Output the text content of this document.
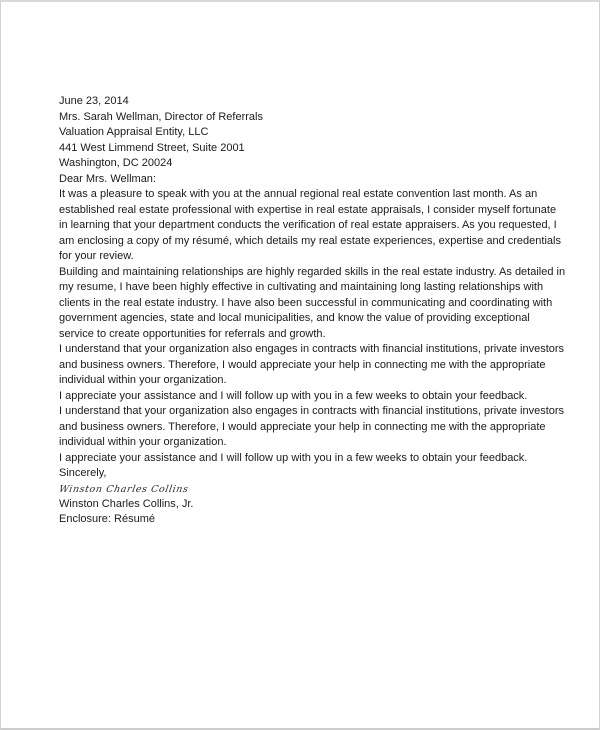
June 23, 2014
Mrs. Sarah Wellman, Director of Referrals
Valuation Appraisal Entity, LLC
441 West Limmend Street, Suite 2001
Washington, DC 20024
Dear Mrs. Wellman:

It was a pleasure to speak with you at the annual regional real estate convention last month. As an established real estate professional with expertise in real estate appraisals, I consider myself fortunate in learning that your department conducts the verification of real estate appraisers. As you requested, I am enclosing a copy of my résumé, which details my real estate experiences, expertise and credentials for your review.

Building and maintaining relationships are highly regarded skills in the real estate industry. As detailed in my resume, I have been highly effective in cultivating and maintaining long lasting relationships with clients in the real estate industry. I have also been successful in communicating and coordinating with government agencies, state and local municipalities, and know the value of providing exceptional service to create opportunities for referrals and growth.

I understand that your organization also engages in contracts with financial institutions, private investors and business owners. Therefore, I would appreciate your help in connecting me with the appropriate individual within your organization.

I appreciate your assistance and I will follow up with you in a few weeks to obtain your feedback.

I understand that your organization also engages in contracts with financial institutions, private investors and business owners. Therefore, I would appreciate your help in connecting me with the appropriate individual within your organization.

I appreciate your assistance and I will follow up with you in a few weeks to obtain your feedback.

Sincerely,
Winston Charles Collins
Winston Charles Collins, Jr.
Enclosure: Résumé
